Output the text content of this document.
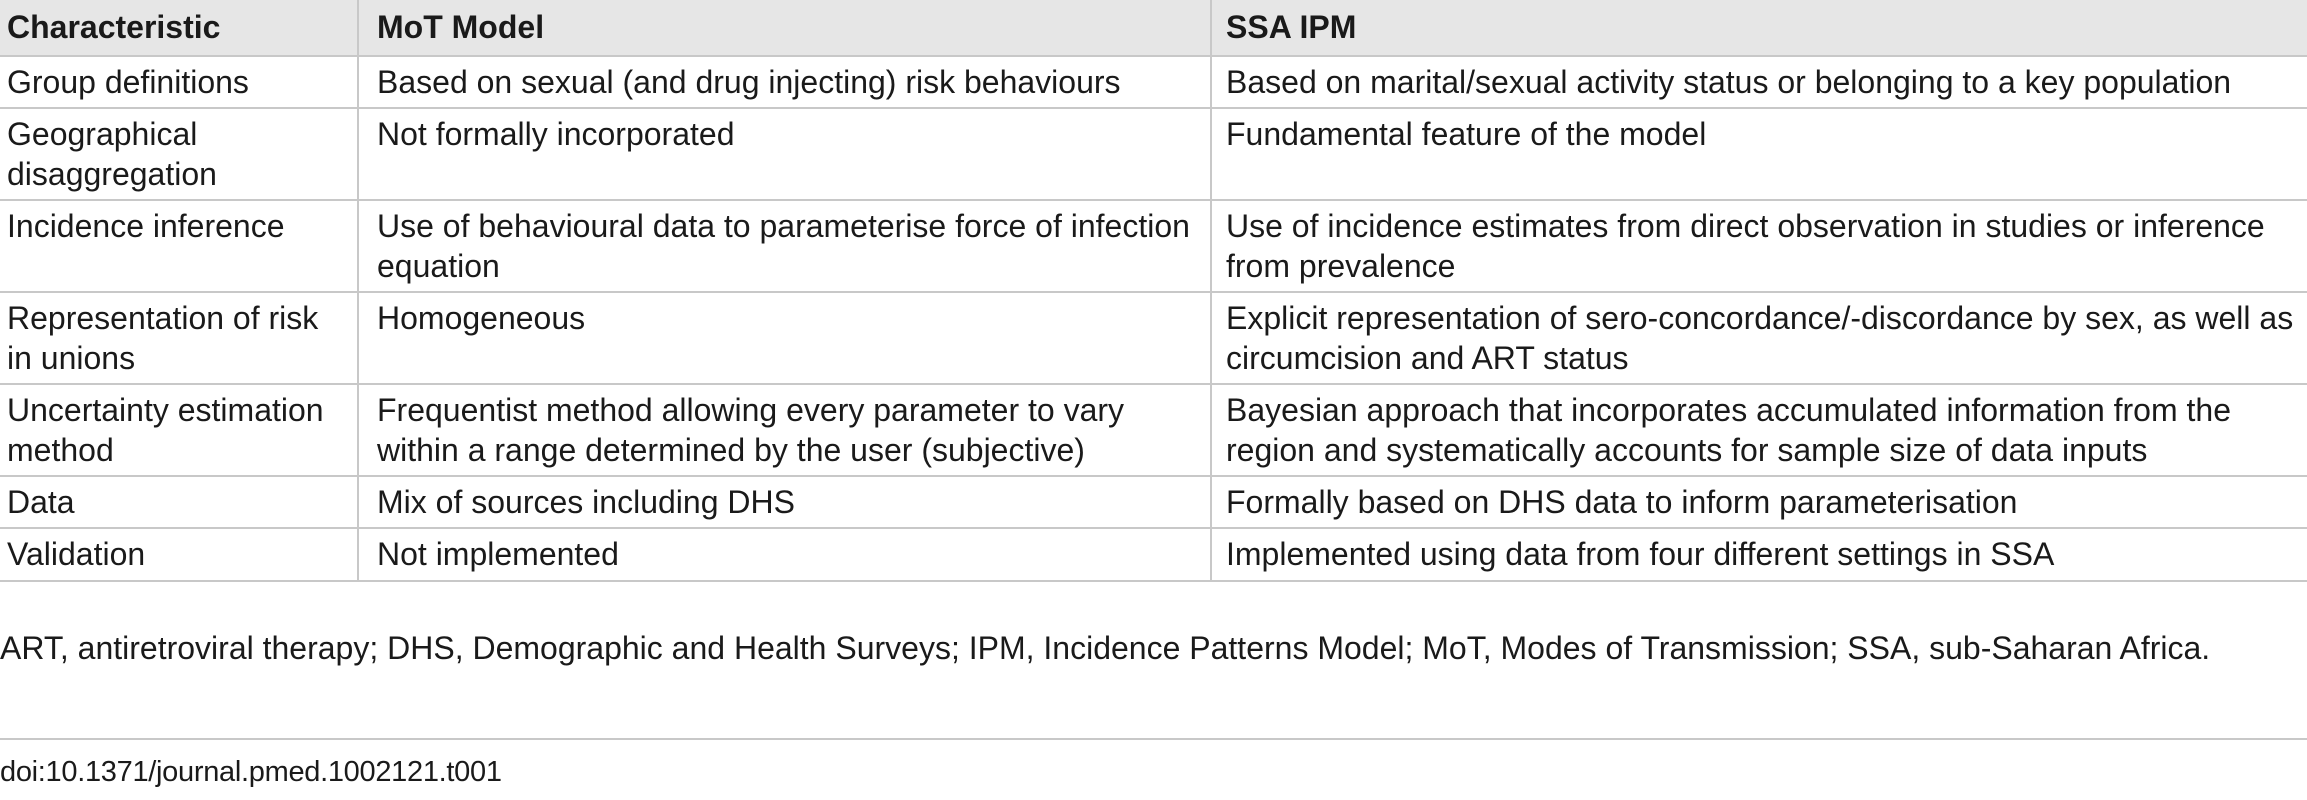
Characteristic	MoT Model	SSA IPM
Group definitions	Based on sexual (and drug injecting) risk behaviours	Based on marital/sexual activity status or belonging to a key population
Geographical disaggregation	Not formally incorporated	Fundamental feature of the model
Incidence inference	Use of behavioural data to parameterise force of infection equation	Use of incidence estimates from direct observation in studies or inference from prevalence
Representation of risk in unions	Homogeneous	Explicit representation of sero-concordance/-discordance by sex, as well as circumcision and ART status
Uncertainty estimation method	Frequentist method allowing every parameter to vary within a range determined by the user (subjective)	Bayesian approach that incorporates accumulated information from the region and systematically accounts for sample size of data inputs
Data	Mix of sources including DHS	Formally based on DHS data to inform parameterisation
Validation	Not implemented	Implemented using data from four different settings in SSA

ART, antiretroviral therapy; DHS, Demographic and Health Surveys; IPM, Incidence Patterns Model; MoT, Modes of Transmission; SSA, sub-Saharan Africa.

doi:10.1371/journal.pmed.1002121.t001
